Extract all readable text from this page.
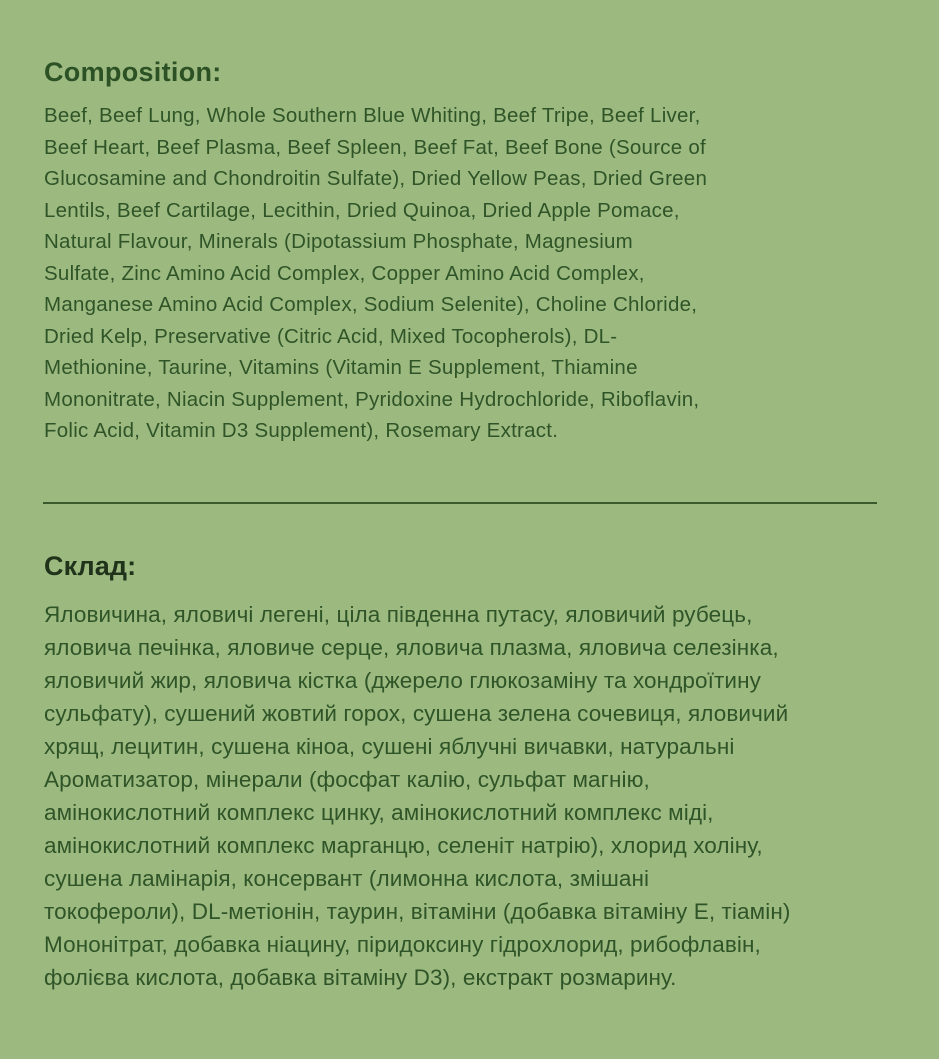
Composition:
Beef, Beef Lung, Whole Southern Blue Whiting, Beef Tripe, Beef Liver,
Beef Heart, Beef Plasma, Beef Spleen, Beef Fat, Beef Bone (Source of
Glucosamine and Chondroitin Sulfate), Dried Yellow Peas, Dried Green
Lentils, Beef Cartilage, Lecithin, Dried Quinoa, Dried Apple Pomace,
Natural Flavour, Minerals (Dipotassium Phosphate, Magnesium
Sulfate, Zinc Amino Acid Complex, Copper Amino Acid Complex,
Manganese Amino Acid Complex, Sodium Selenite), Choline Chloride,
Dried Kelp, Preservative (Citric Acid, Mixed Tocopherols), DL-
Methionine, Taurine, Vitamins (Vitamin E Supplement, Thiamine
Mononitrate, Niacin Supplement, Pyridoxine Hydrochloride, Riboflavin,
Folic Acid, Vitamin D3 Supplement), Rosemary Extract.
Склад:
Яловичина, яловичі легені, ціла південна путасу, яловичий рубець,
яловича печінка, яловиче серце, яловича плазма, яловича селезінка,
яловичий жир, яловича кістка (джерело глюкозаміну та хондроїтину
сульфату), сушений жовтий горох, сушена зелена сочевиця, яловичий
хрящ, лецитин, сушена кіноа, сушені яблучні вичавки, натуральні
Ароматизатор, мінерали (фосфат калію, сульфат магнію,
амінокислотний комплекс цинку, амінокислотний комплекс міді,
амінокислотний комплекс марганцю, селеніт натрію), хлорид холіну,
сушена ламінарія, консервант (лимонна кислота, змішані
токофероли), DL-метіонін, таурин, вітаміни (добавка вітаміну Е, тіамін)
Мононітрат, добавка ніацину, піридоксину гідрохлорид, рибофлавін,
фолієва кислота, добавка вітаміну D3), екстракт розмарину.
